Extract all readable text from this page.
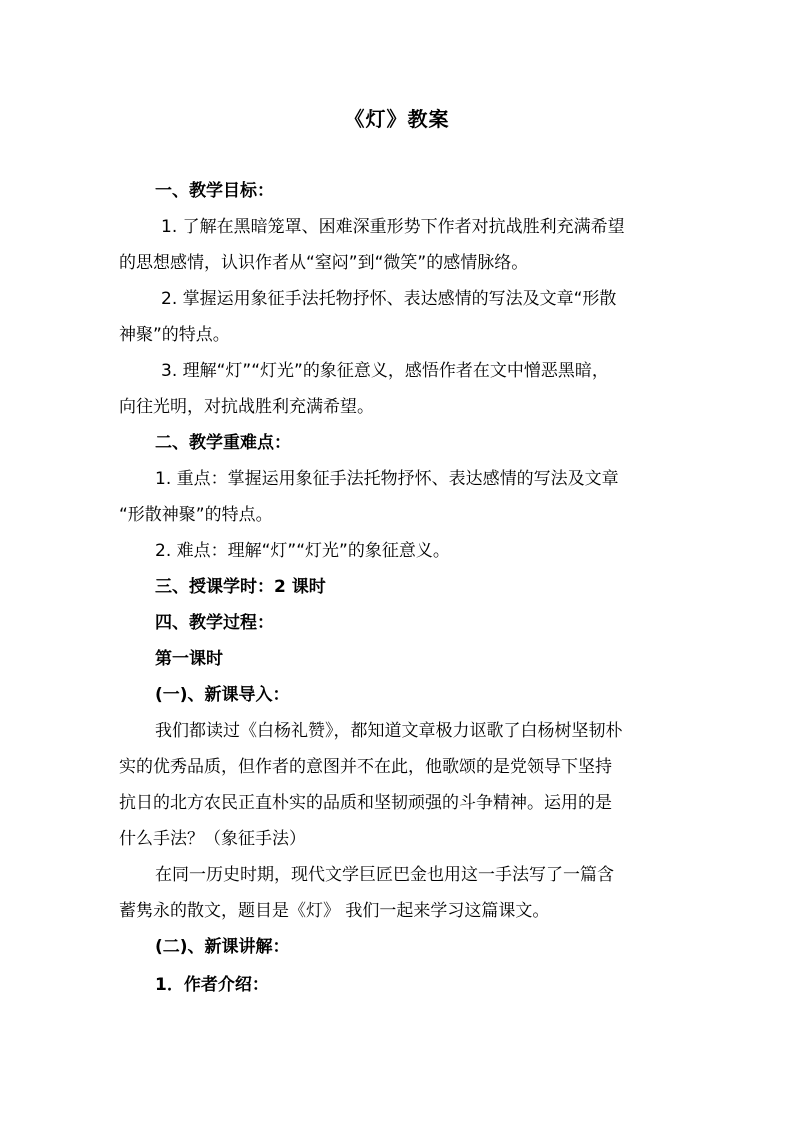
《灯》教案
一、教学目标：
1. 了解在黑暗笼罩、困难深重形势下作者对抗战胜利充满希望
的思想感情，认识作者从“窒闷”到“微笑”的感情脉络。
2. 掌握运用象征手法托物抒怀、表达感情的写法及文章“形散
神聚”的特点。
3. 理解“灯”“灯光”的象征意义，感悟作者在文中憎恶黑暗，
向往光明，对抗战胜利充满希望。
二、教学重难点：
1. 重点：掌握运用象征手法托物抒怀、表达感情的写法及文章
“形散神聚”的特点。
2. 难点：理解“灯”“灯光”的象征意义。
三、授课学时：2 课时
四、教学过程：
第一课时
(一)、新课导入：
我们都读过《白杨礼赞》，都知道文章极力讴歌了白杨树坚韧朴
实的优秀品质，但作者的意图并不在此，他歌颂的是党领导下坚持
抗日的北方农民正直朴实的品质和坚韧顽强的斗争精神。运用的是
什么手法？（象征手法）
在同一历史时期，现代文学巨匠巴金也用这一手法写了一篇含
蓄隽永的散文，题目是《灯》 我们一起来学习这篇课文。
(二)、新课讲解：
1．作者介绍：
